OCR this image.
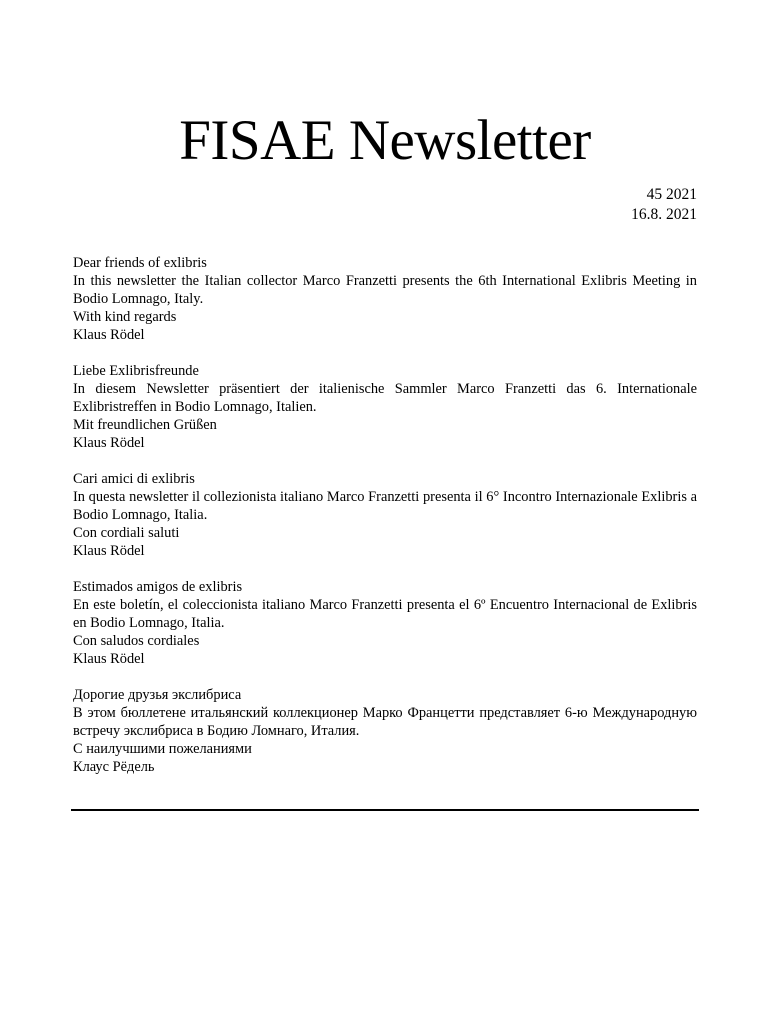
FISAE Newsletter
45 2021
16.8. 2021

Dear friends of exlibris

In this newsletter the Italian collector Marco Franzetti presents the 6th International Exlibris Meeting in Bodio Lomnago, Italy.

With kind regards

Klaus Rödel

Liebe Exlibrisfreunde

In diesem Newsletter präsentiert der italienische Sammler Marco Franzetti das 6. Internationale Exlibristreffen in Bodio Lomnago, Italien.

Mit freundlichen Grüßen

Klaus Rödel

Cari amici di exlibris

In questa newsletter il collezionista italiano Marco Franzetti presenta il 6° Incontro Internazionale Exlibris a Bodio Lomnago, Italia.

Con cordiali saluti

Klaus Rödel

Estimados amigos de exlibris

En este boletín, el coleccionista italiano Marco Franzetti presenta el 6º Encuentro Internacional de Exlibris en Bodio Lomnago, Italia.

Con saludos cordiales

Klaus Rödel

Дорогие друзья экслибриса

В этом бюллетене итальянский коллекционер Марко Францетти представляет 6-ю Международную встречу экслибриса в Бодию Ломнаго, Италия.

С наилучшими пожеланиями

Клаус Рёдель
